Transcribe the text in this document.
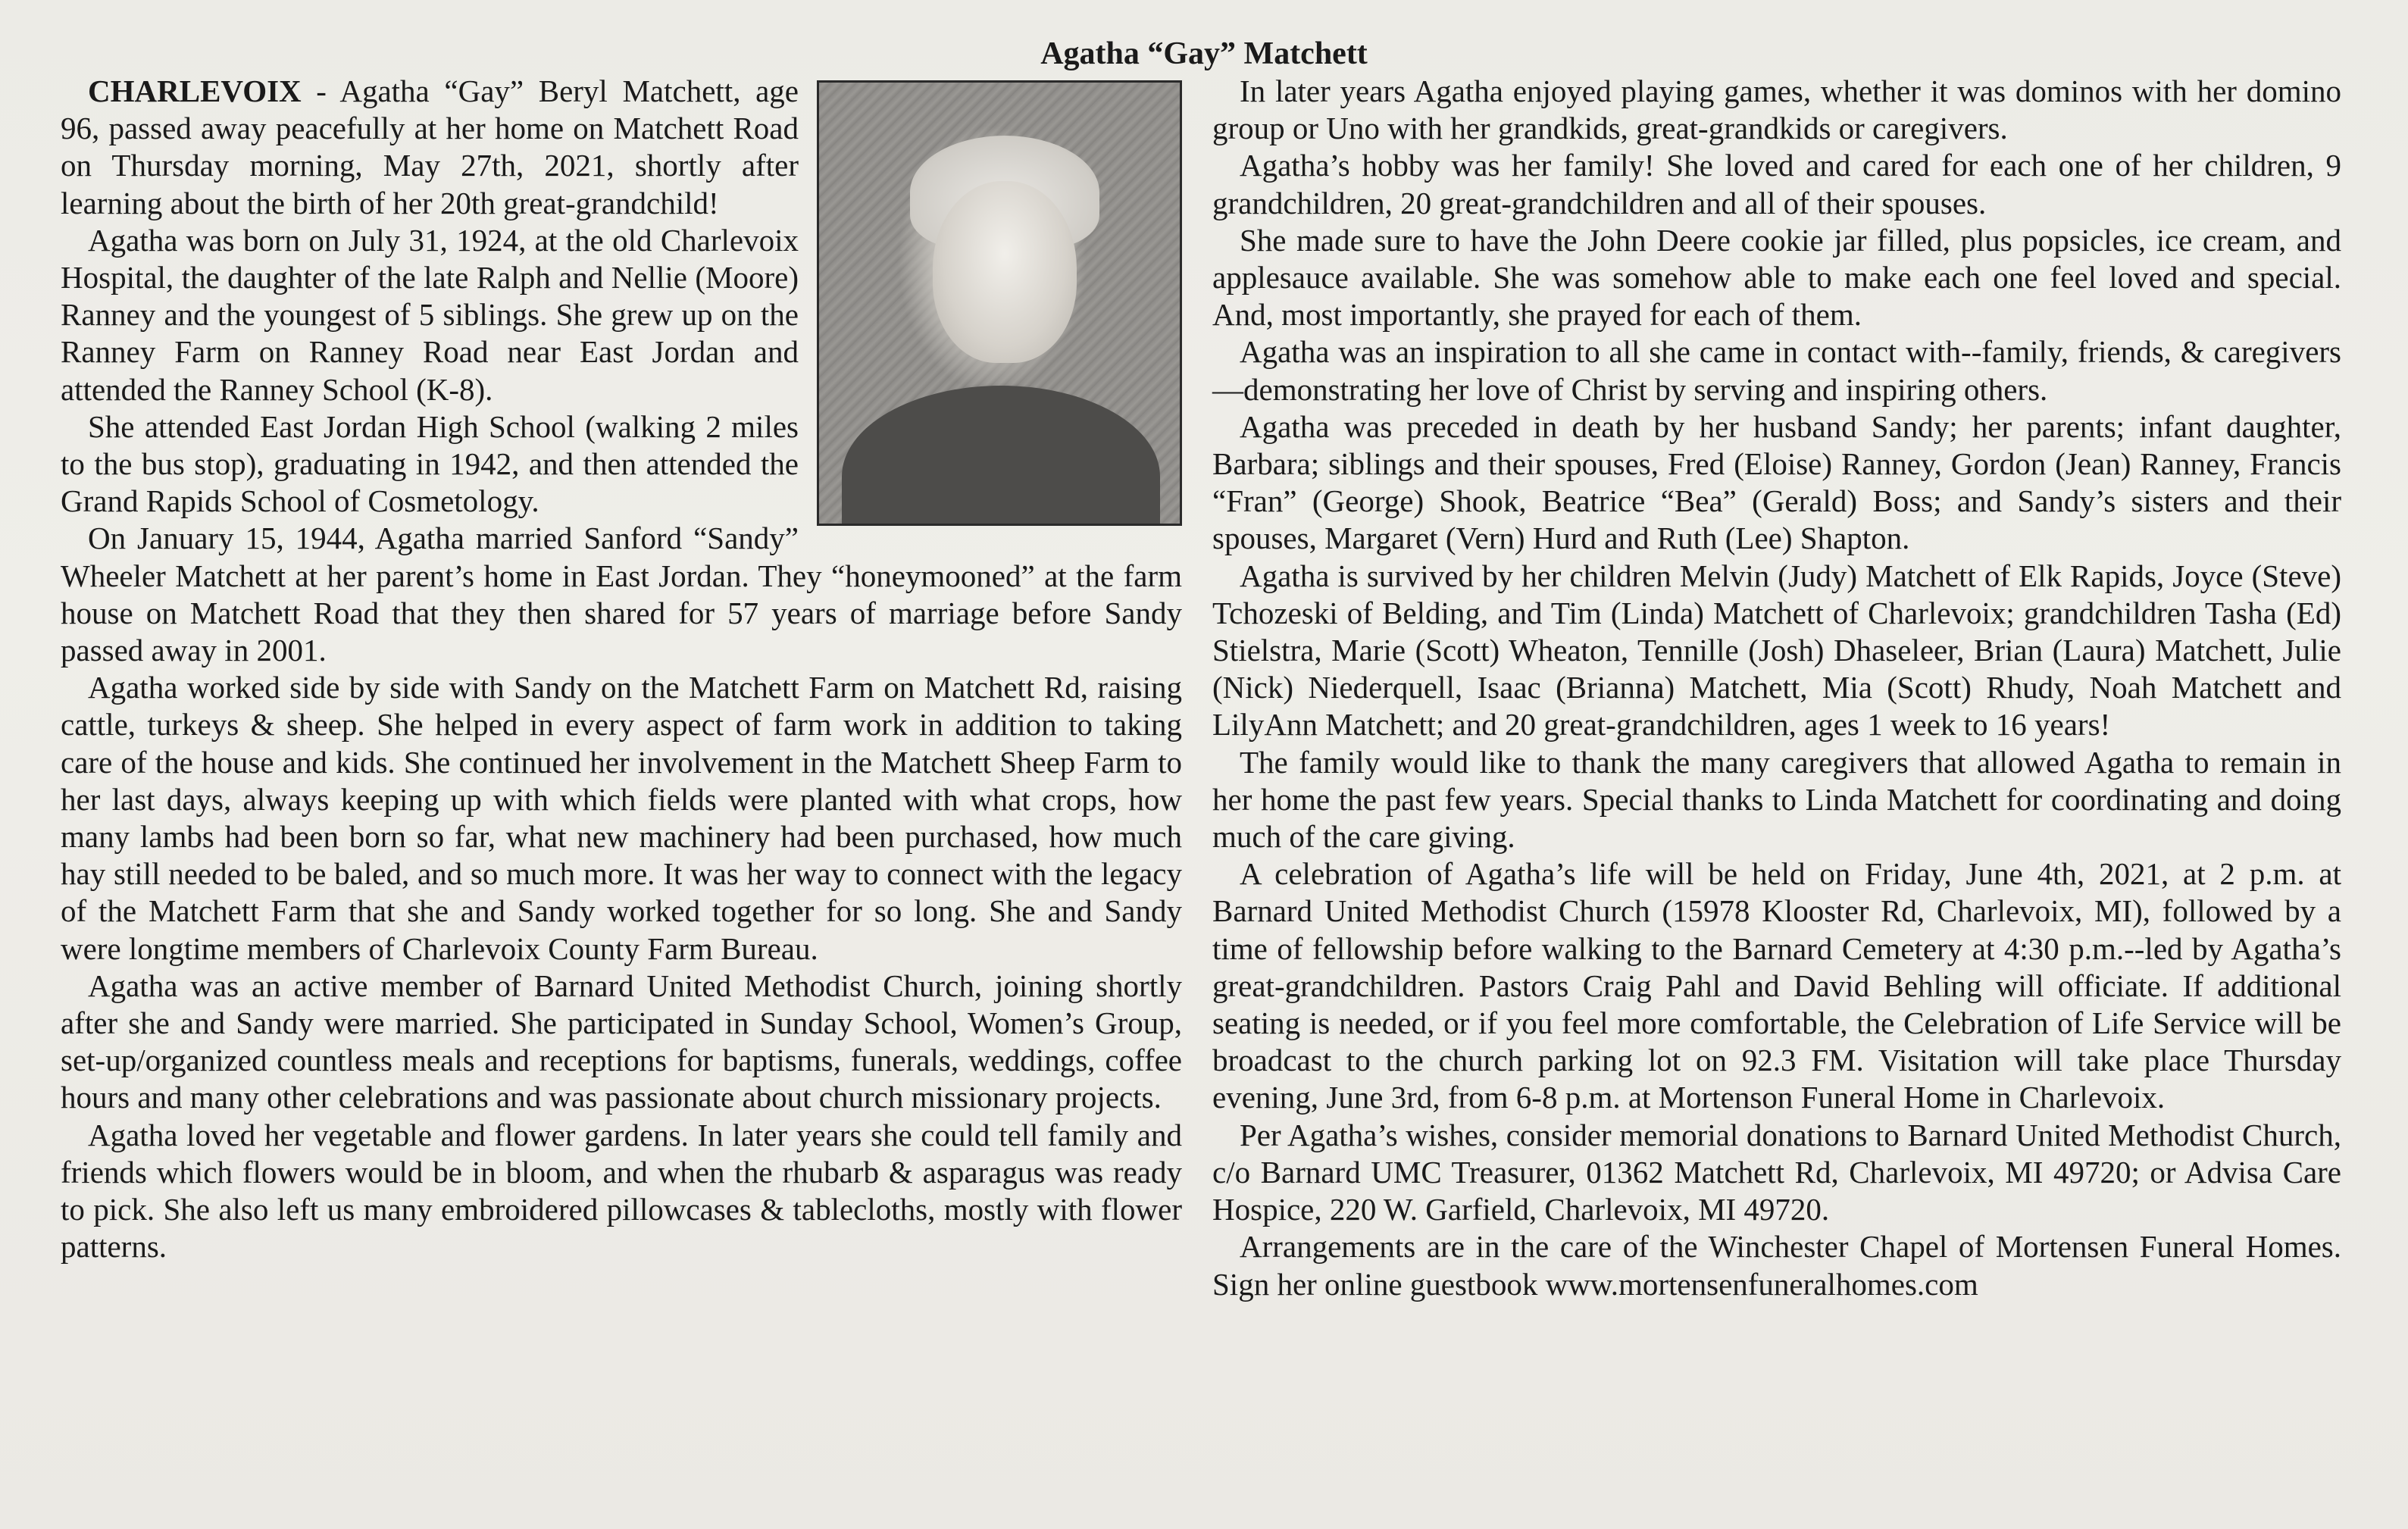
Agatha “Gay” Matchett

CHARLEVOIX - Agatha “Gay” Beryl Matchett, age 96, passed away peacefully at her home on Matchett Road on Thursday morning, May 27th, 2021, shortly after learning about the birth of her 20th great-grandchild!

Agatha was born on July 31, 1924, at the old Charlevoix Hospital, the daughter of the late Ralph and Nellie (Moore) Ranney and the youngest of 5 siblings. She grew up on the Ranney Farm on Ranney Road near East Jordan and attended the Ranney School (K-8).

She attended East Jordan High School (walking 2 miles to the bus stop), graduating in 1942, and then attended the Grand Rapids School of Cosmetology.

On January 15, 1944, Agatha married Sanford “Sandy” Wheeler Matchett at her parent’s home in East Jordan. They “honeymooned” at the farm house on Matchett Road that they then shared for 57 years of marriage before Sandy passed away in 2001.

Agatha worked side by side with Sandy on the Matchett Farm on Matchett Rd, raising cattle, turkeys & sheep. She helped in every aspect of farm work in addition to taking care of the house and kids. She continued her involvement in the Matchett Sheep Farm to her last days, always keeping up with which fields were planted with what crops, how many lambs had been born so far, what new machinery had been purchased, how much hay still needed to be baled, and so much more. It was her way to connect with the legacy of the Matchett Farm that she and Sandy worked together for so long. She and Sandy were longtime members of Charlevoix County Farm Bureau.

Agatha was an active member of Barnard United Methodist Church, joining shortly after she and Sandy were married. She participated in Sunday School, Women’s Group, set-up/organized countless meals and receptions for baptisms, funerals, weddings, coffee hours and many other celebrations and was passionate about church missionary projects.

Agatha loved her vegetable and flower gardens. In later years she could tell family and friends which flowers would be in bloom, and when the rhubarb & asparagus was ready to pick. She also left us many embroidered pillowcases & tablecloths, mostly with flower patterns.

In later years Agatha enjoyed playing games, whether it was dominos with her domino group or Uno with her grandkids, great-grandkids or caregivers.

Agatha’s hobby was her family! She loved and cared for each one of her children, 9 grandchildren, 20 great-grandchildren and all of their spouses.

She made sure to have the John Deere cookie jar filled, plus popsicles, ice cream, and applesauce available. She was somehow able to make each one feel loved and special. And, most importantly, she prayed for each of them.

Agatha was an inspiration to all she came in contact with--family, friends, & caregivers—demonstrating her love of Christ by serving and inspiring others.

Agatha was preceded in death by her husband Sandy; her parents; infant daughter, Barbara; siblings and their spouses, Fred (Eloise) Ranney, Gordon (Jean) Ranney, Francis “Fran” (George) Shook, Beatrice “Bea” (Gerald) Boss; and Sandy’s sisters and their spouses, Margaret (Vern) Hurd and Ruth (Lee) Shapton.

Agatha is survived by her children Melvin (Judy) Matchett of Elk Rapids, Joyce (Steve) Tchozeski of Belding, and Tim (Linda) Matchett of Charlevoix; grandchildren Tasha (Ed) Stielstra, Marie (Scott) Wheaton, Tennille (Josh) Dhaseleer, Brian (Laura) Matchett, Julie (Nick) Niederquell, Isaac (Brianna) Matchett, Mia (Scott) Rhudy, Noah Matchett and LilyAnn Matchett; and 20 great-grandchildren, ages 1 week to 16 years!

The family would like to thank the many caregivers that allowed Agatha to remain in her home the past few years. Special thanks to Linda Matchett for coordinating and doing much of the care giving.

A celebration of Agatha’s life will be held on Friday, June 4th, 2021, at 2 p.m. at Barnard United Methodist Church (15978 Klooster Rd, Charlevoix, MI), followed by a time of fellowship before walking to the Barnard Cemetery at 4:30 p.m.--led by Agatha’s great-grandchildren. Pastors Craig Pahl and David Behling will officiate. If additional seating is needed, or if you feel more comfortable, the Celebration of Life Service will be broadcast to the church parking lot on 92.3 FM. Visitation will take place Thursday evening, June 3rd, from 6-8 p.m. at Mortenson Funeral Home in Charlevoix.

Per Agatha’s wishes, consider memorial donations to Barnard United Methodist Church, c/o Barnard UMC Treasurer, 01362 Matchett Rd, Charlevoix, MI 49720; or Advisa Care Hospice, 220 W. Garfield, Charlevoix, MI 49720.

Arrangements are in the care of the Winchester Chapel of Mortensen Funeral Homes. Sign her online guestbook www.mortensenfuneralhomes.com
